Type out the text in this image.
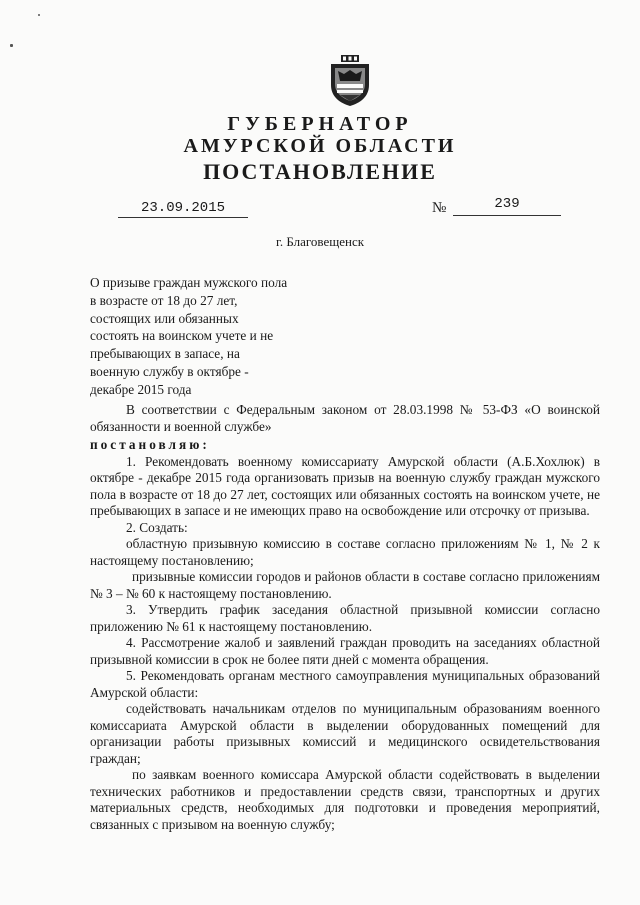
ГУБЕРНАТОР
АМУРСКОЙ ОБЛАСТИ
ПОСТАНОВЛЕНИЕ
23.09.2015	№	239
г. Благовещенск
О призыве граждан мужского пола
в возрасте от 18 до 27 лет,
состоящих или обязанных
состоять на воинском учете и не
пребывающих в запасе, на
военную службу в октябре -
декабре 2015 года

В соответствии с Федеральным законом от 28.03.1998 № 53-ФЗ «О воинской обязанности и военной службе»

постановляю:

1. Рекомендовать военному комиссариату Амурской области (А.Б.Хохлюк) в октябре - декабре 2015 года организовать призыв на военную службу граждан мужского пола в возрасте от 18 до 27 лет, состоящих или обязанных состоять на воинском учете, не пребывающих в запасе и не имеющих право на освобождение или отсрочку от призыва.

2. Создать:

областную призывную комиссию в составе согласно приложениям № 1, № 2 к настоящему постановлению;

призывные комиссии городов и районов области в составе согласно приложениям № 3 – № 60 к настоящему постановлению.

3. Утвердить график заседания областной призывной комиссии согласно приложению № 61 к настоящему постановлению.

4. Рассмотрение жалоб и заявлений граждан проводить на заседаниях областной призывной комиссии в срок не более пяти дней с момента обращения.

5. Рекомендовать органам местного самоуправления муниципальных образований Амурской области:

содействовать начальникам отделов по муниципальным образованиям военного комиссариата Амурской области в выделении оборудованных помещений для организации работы призывных комиссий и медицинского освидетельствования граждан;

по заявкам военного комиссара Амурской области содействовать в выделении технических работников и предоставлении средств связи, транспортных и других материальных средств, необходимых для подготовки и проведения мероприятий, связанных с призывом на военную службу;
